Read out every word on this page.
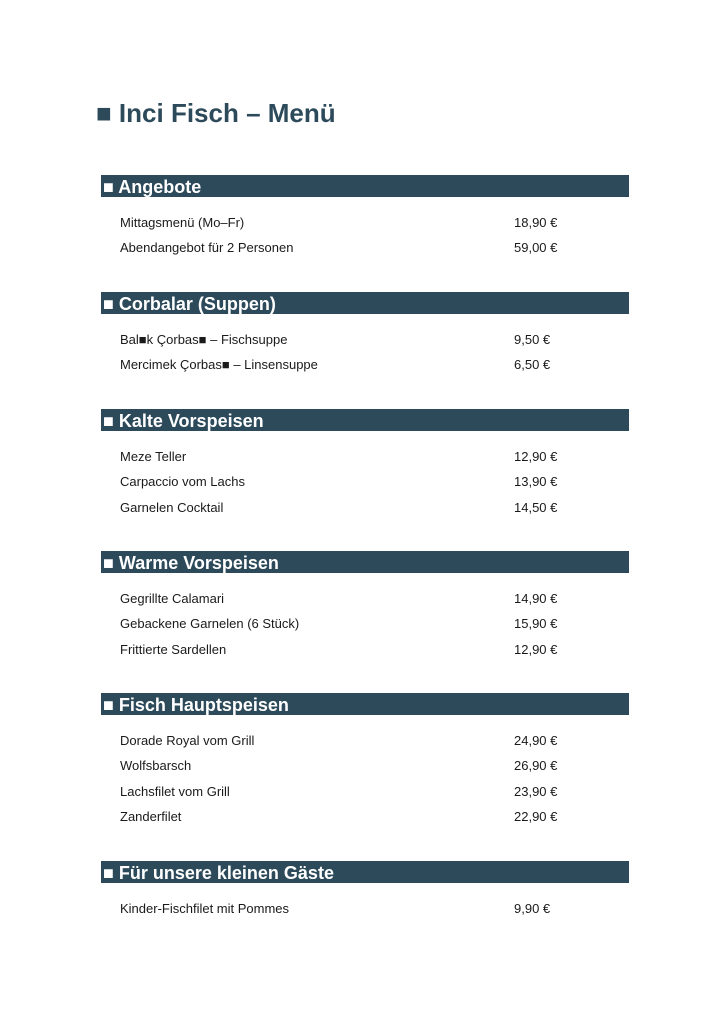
■ Inci Fisch – Menü
■ Angebote
Mittagsmenü (Mo–Fr)	18,90 €
Abendangebot für 2 Personen	59,00 €
■ Corbalar (Suppen)
Bal■k Çorbas■ – Fischsuppe	9,50 €
Mercimek Çorbas■ – Linsensuppe	6,50 €
■ Kalte Vorspeisen
Meze Teller	12,90 €
Carpaccio vom Lachs	13,90 €
Garnelen Cocktail	14,50 €
■ Warme Vorspeisen
Gegrillte Calamari	14,90 €
Gebackene Garnelen (6 Stück)	15,90 €
Frittierte Sardellen	12,90 €
■ Fisch Hauptspeisen
Dorade Royal vom Grill	24,90 €
Wolfsbarsch	26,90 €
Lachsfilet vom Grill	23,90 €
Zanderfilet	22,90 €
■ Für unsere kleinen Gäste
Kinder-Fischfilet mit Pommes	9,90 €
